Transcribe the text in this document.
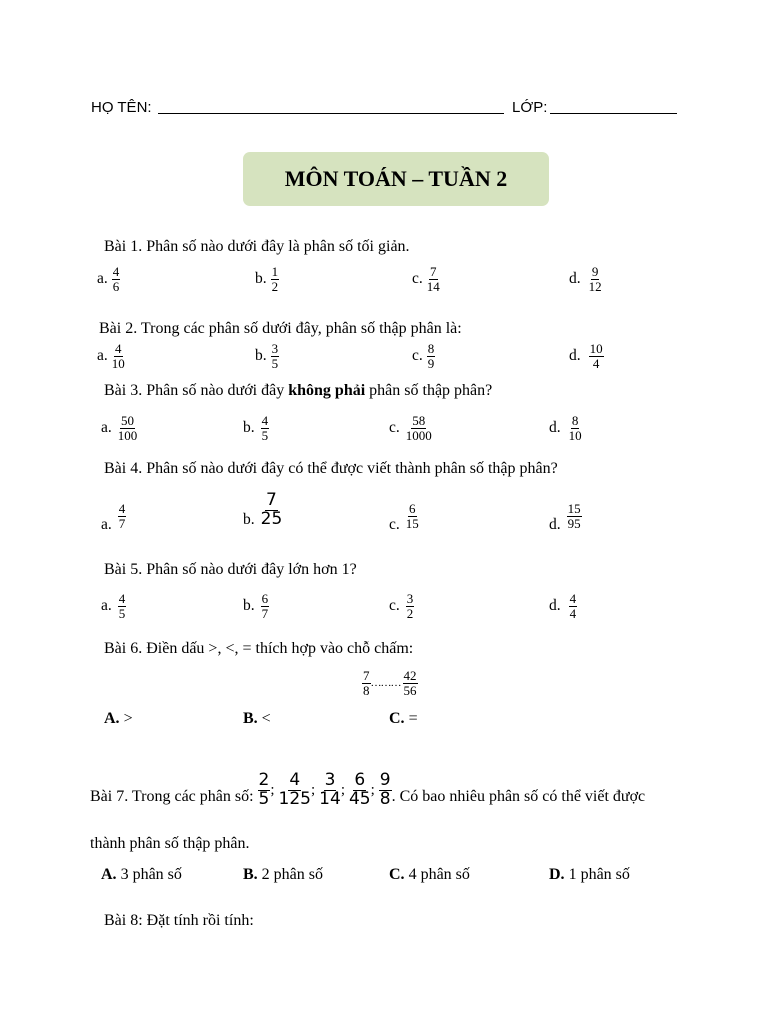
HỌ TÊN:	LỚP:
MÔN TOÁN – TUẦN 2
Bài 1. Phân số nào dưới đây là phân số tối giản.
a. $\frac{4}{6}$	b. $\frac{1}{2}$	c. $\frac{7}{14}$	d. $\frac{9}{12}$
Bài 2. Trong các phân số dưới đây, phân số thập phân là:
a. $\frac{4}{10}$	b. $\frac{3}{5}$	c. $\frac{8}{9}$	d. $\frac{10}{4}$
Bài 3. Phân số nào dưới đây không phải phân số thập phân?
a. $\frac{50}{100}$	b. $\frac{4}{5}$	c. $\frac{58}{1000}$	d. $\frac{8}{10}$
Bài 4. Phân số nào dưới đây có thể được viết thành phân số thập phân?
a. $\frac{4}{7}$	b. $\frac{7}{25}$	c. $\frac{6}{15}$	d. $\frac{15}{95}$
Bài 5. Phân số nào dưới đây lớn hơn 1?
a. $\frac{4}{5}$	b. $\frac{6}{7}$	c. $\frac{3}{2}$	d. $\frac{4}{4}$
Bài 6. Điền dấu >, <, = thích hợp vào chỗ chấm:
$\frac{7}{8}$ ……… $\frac{42}{56}$
A. >	B. <	C. =
Bài 7. Trong các phân số: $\frac{2}{5}$ ; $\frac{4}{125}$ ; $\frac{3}{14}$ ; $\frac{6}{45}$ ; $\frac{9}{8}$ . Có bao nhiêu phân số có thể viết được
thành phân số thập phân.
A. 3 phân số	B. 2 phân số	C. 4 phân số	D. 1 phân số
Bài 8: Đặt tính rồi tính:
